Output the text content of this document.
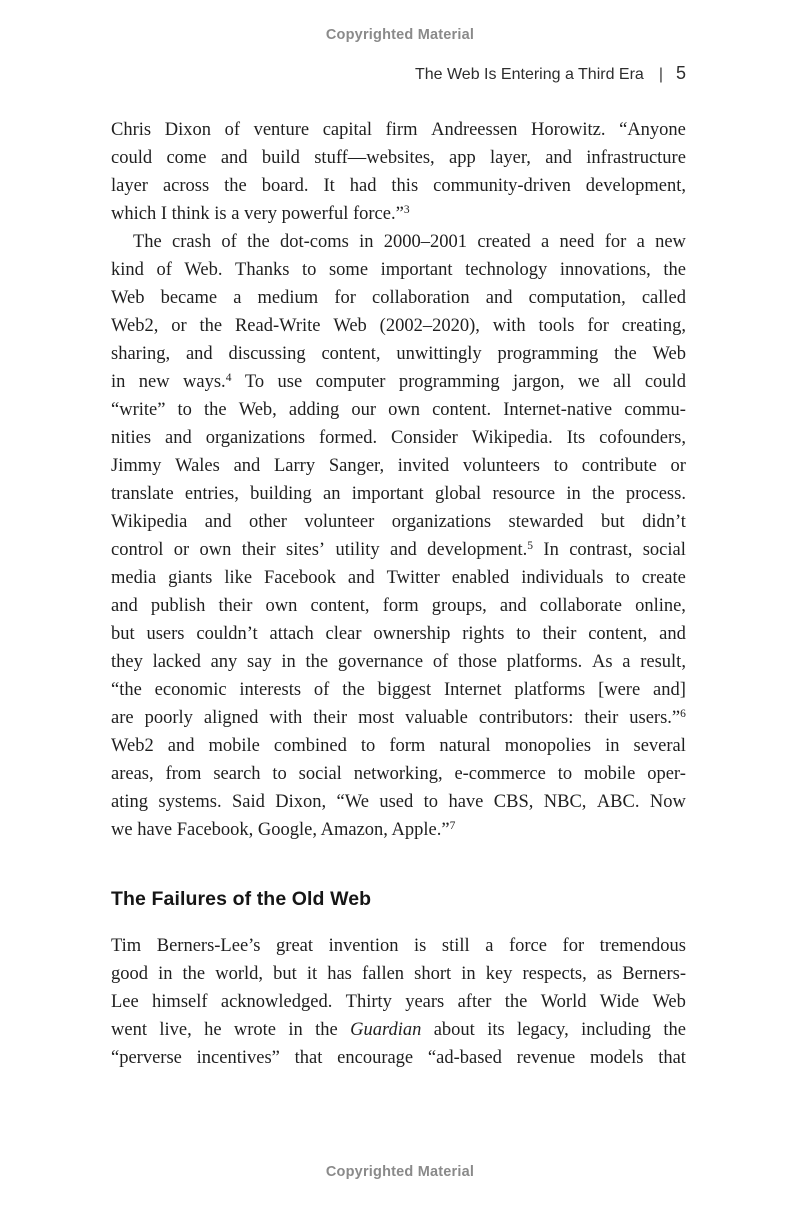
Copyrighted Material
The Web Is Entering a Third Era | 5
Chris Dixon of venture capital firm Andreessen Horowitz. “Anyone
could come and build stuff—websites, app layer, and infrastructure
layer across the board. It had this community-driven development,
which I think is a very powerful force.”$^3$
The crash of the dot-coms in 2000–2001 created a need for a new
kind of Web. Thanks to some important technology innovations, the
Web became a medium for collaboration and computation, called
Web2, or the Read-Write Web (2002–2020), with tools for creating,
sharing, and discussing content, unwittingly programming the Web
in new ways.$^4$ To use computer programming jargon, we all could
“write” to the Web, adding our own content. Internet-native commu-
nities and organizations formed. Consider Wikipedia. Its cofounders,
Jimmy Wales and Larry Sanger, invited volunteers to contribute or
translate entries, building an important global resource in the process.
Wikipedia and other volunteer organizations stewarded but didn’t
control or own their sites’ utility and development.$^5$ In contrast, social
media giants like Facebook and Twitter enabled individuals to create
and publish their own content, form groups, and collaborate online,
but users couldn’t attach clear ownership rights to their content, and
they lacked any say in the governance of those platforms. As a result,
“the economic interests of the biggest Internet platforms [were and]
are poorly aligned with their most valuable contributors: their users.”$^6$
Web2 and mobile combined to form natural monopolies in several
areas, from search to social networking, e-commerce to mobile oper-
ating systems. Said Dixon, “We used to have CBS, NBC, ABC. Now
we have Facebook, Google, Amazon, Apple.”$^7$
The Failures of the Old Web
Tim Berners-Lee’s great invention is still a force for tremendous
good in the world, but it has fallen short in key respects, as Berners-
Lee himself acknowledged. Thirty years after the World Wide Web
went live, he wrote in the Guardian about its legacy, including the
“perverse incentives” that encourage “ad-based revenue models that
Copyrighted Material
